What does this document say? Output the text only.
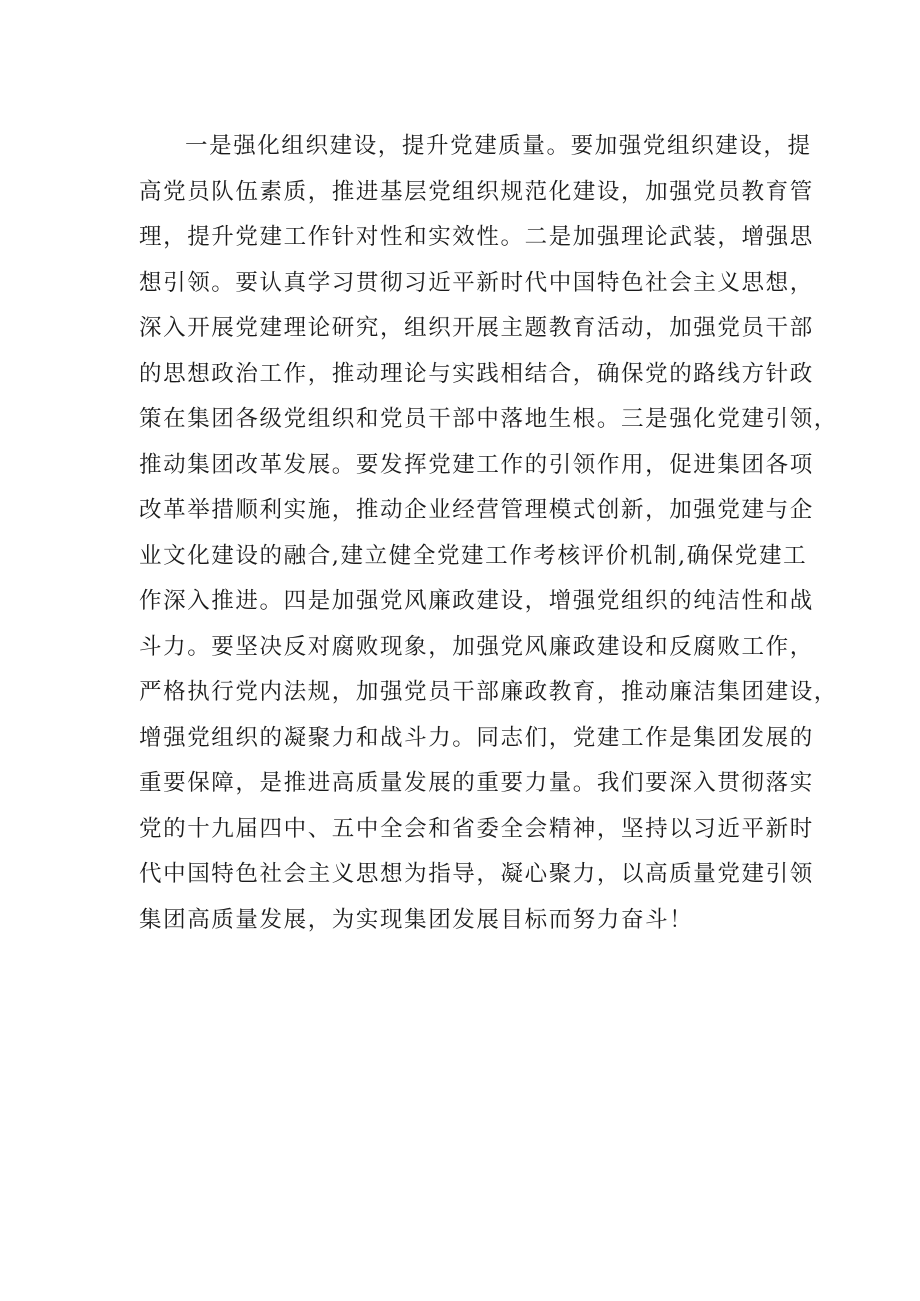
一是强化组织建设，提升党建质量。要加强党组织建设，提
高党员队伍素质，推进基层党组织规范化建设，加强党员教育管
理，提升党建工作针对性和实效性。二是加强理论武装，增强思
想引领。要认真学习贯彻习近平新时代中国特色社会主义思想，
深入开展党建理论研究，组织开展主题教育活动，加强党员干部
的思想政治工作，推动理论与实践相结合，确保党的路线方针政
策在集团各级党组织和党员干部中落地生根。三是强化党建引领，
推动集团改革发展。要发挥党建工作的引领作用，促进集团各项
改革举措顺利实施，推动企业经营管理模式创新，加强党建与企
业文化建设的融合,建立健全党建工作考核评价机制,确保党建工
作深入推进。四是加强党风廉政建设，增强党组织的纯洁性和战
斗力。要坚决反对腐败现象，加强党风廉政建设和反腐败工作，
严格执行党内法规，加强党员干部廉政教育，推动廉洁集团建设，
增强党组织的凝聚力和战斗力。同志们，党建工作是集团发展的
重要保障，是推进高质量发展的重要力量。我们要深入贯彻落实
党的十九届四中、五中全会和省委全会精神，坚持以习近平新时
代中国特色社会主义思想为指导，凝心聚力，以高质量党建引领
集团高质量发展，为实现集团发展目标而努力奋斗！
